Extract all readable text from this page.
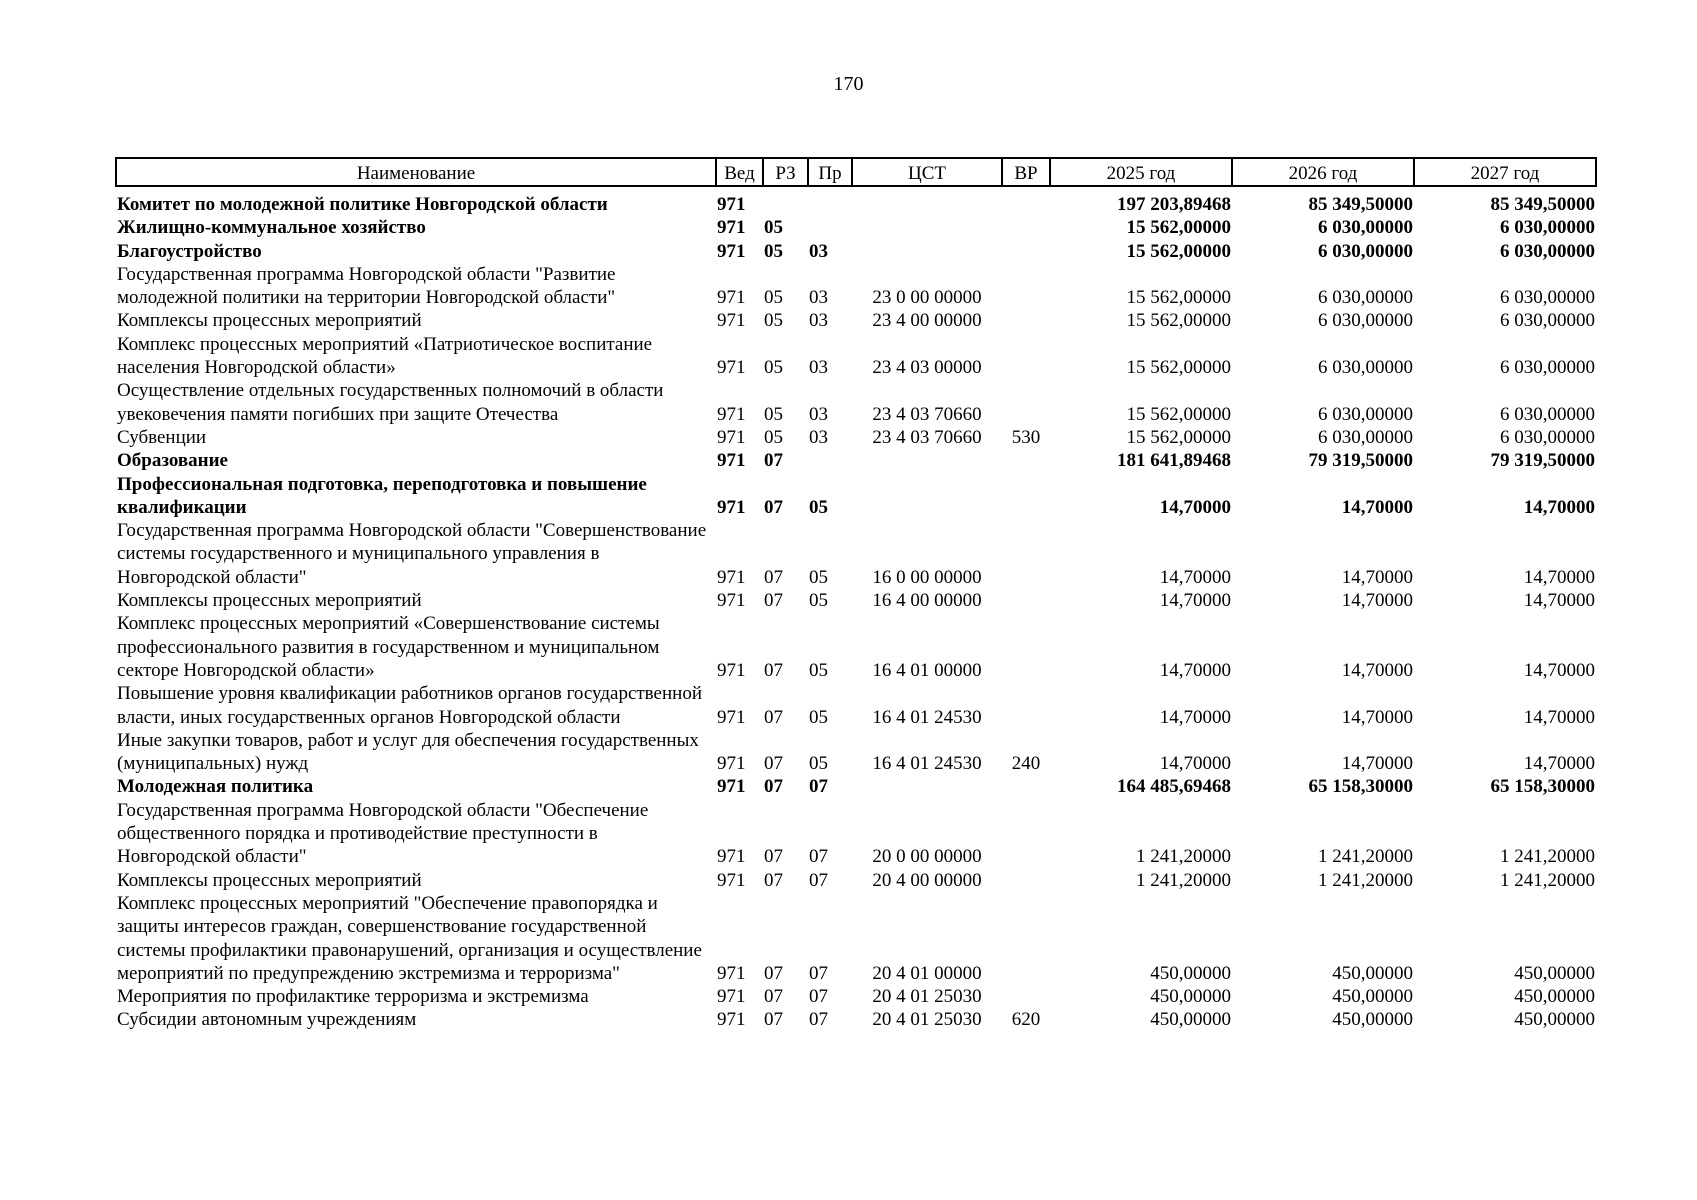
170
Наименование	Вед	РЗ	Пр	ЦСТ	ВР	2025 год	2026 год	2027 год
Комитет по молодежной политике Новгородской области	971					197 203,89468	85 349,50000	85 349,50000
Жилищно-коммунальное хозяйство	971	05				15 562,00000	6 030,00000	6 030,00000
Благоустройство	971	05	03			15 562,00000	6 030,00000	6 030,00000
Государственная программа Новгородской области "Развитие молодежной политики на территории Новгородской области"	971	05	03	23 0 00 00000		15 562,00000	6 030,00000	6 030,00000
Комплексы процессных мероприятий	971	05	03	23 4 00 00000		15 562,00000	6 030,00000	6 030,00000
Комплекс процессных мероприятий «Патриотическое воспитание населения Новгородской области»	971	05	03	23 4 03 00000		15 562,00000	6 030,00000	6 030,00000
Осуществление отдельных государственных полномочий в области увековечения памяти погибших при защите Отечества	971	05	03	23 4 03 70660		15 562,00000	6 030,00000	6 030,00000
Субвенции	971	05	03	23 4 03 70660	530	15 562,00000	6 030,00000	6 030,00000
Образование	971	07				181 641,89468	79 319,50000	79 319,50000
Профессиональная подготовка, переподготовка и повышение квалификации	971	07	05			14,70000	14,70000	14,70000
Государственная программа Новгородской области "Совершенствование системы государственного и муниципального управления в Новгородской области"	971	07	05	16 0 00 00000		14,70000	14,70000	14,70000
Комплексы процессных мероприятий	971	07	05	16 4 00 00000		14,70000	14,70000	14,70000
Комплекс процессных мероприятий «Совершенствование системы профессионального развития в государственном и муниципальном секторе Новгородской области»	971	07	05	16 4 01 00000		14,70000	14,70000	14,70000
Повышение уровня квалификации работников органов государственной власти, иных государственных органов Новгородской области	971	07	05	16 4 01 24530		14,70000	14,70000	14,70000
Иные закупки товаров, работ и услуг для обеспечения государственных (муниципальных) нужд	971	07	05	16 4 01 24530	240	14,70000	14,70000	14,70000
Молодежная политика	971	07	07			164 485,69468	65 158,30000	65 158,30000
Государственная программа Новгородской области "Обеспечение общественного порядка и противодействие преступности в Новгородской области"	971	07	07	20 0 00 00000		1 241,20000	1 241,20000	1 241,20000
Комплексы процессных мероприятий	971	07	07	20 4 00 00000		1 241,20000	1 241,20000	1 241,20000
Комплекс процессных мероприятий "Обеспечение правопорядка и защиты интересов граждан, совершенствование государственной системы профилактики правонарушений, организация и осуществление мероприятий по предупреждению экстремизма и терроризма"	971	07	07	20 4 01 00000		450,00000	450,00000	450,00000
Мероприятия по профилактике терроризма и экстремизма	971	07	07	20 4 01 25030		450,00000	450,00000	450,00000
Субсидии автономным учреждениям	971	07	07	20 4 01 25030	620	450,00000	450,00000	450,00000
